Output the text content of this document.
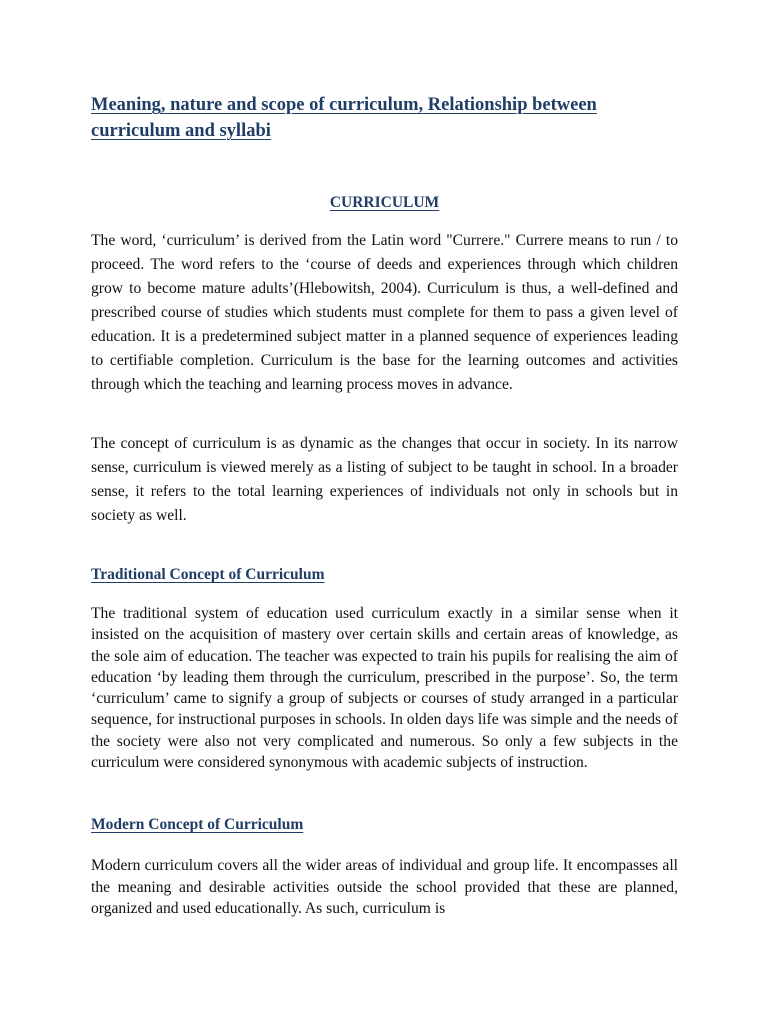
Meaning, nature and scope of curriculum, Relationship between curriculum and syllabi
CURRICULUM

The word, ‘curriculum’ is derived from the Latin word "Currere." Currere means to run / to proceed. The word refers to the ‘course of deeds and experiences through which children grow to become mature adults’(Hlebowitsh, 2004). Curriculum is thus, a well-defined and prescribed course of studies which students must complete for them to pass a given level of education. It is a predetermined subject matter in a planned sequence of experiences leading to certifiable completion. Curriculum is the base for the learning outcomes and activities through which the teaching and learning process moves in advance.

The concept of curriculum is as dynamic as the changes that occur in society. In its narrow sense, curriculum is viewed merely as a listing of subject to be taught in school. In a broader sense, it refers to the total learning experiences of individuals not only in schools but in society as well.

Traditional Concept of Curriculum

The traditional system of education used curriculum exactly in a similar sense when it insisted on the acquisition of mastery over certain skills and certain areas of knowledge, as the sole aim of education. The teacher was expected to train his pupils for realising the aim of education ‘by leading them through the curriculum, prescribed in the purpose’. So, the term ‘curriculum’ came to signify a group of subjects or courses of study arranged in a particular sequence, for instructional purposes in schools. In olden days life was simple and the needs of the society were also not very complicated and numerous. So only a few subjects in the curriculum were considered synonymous with academic subjects of instruction.

Modern Concept of Curriculum

Modern curriculum covers all the wider areas of individual and group life. It encompasses all the meaning and desirable activities outside the school provided that these are planned, organized and used educationally. As such, curriculum is
